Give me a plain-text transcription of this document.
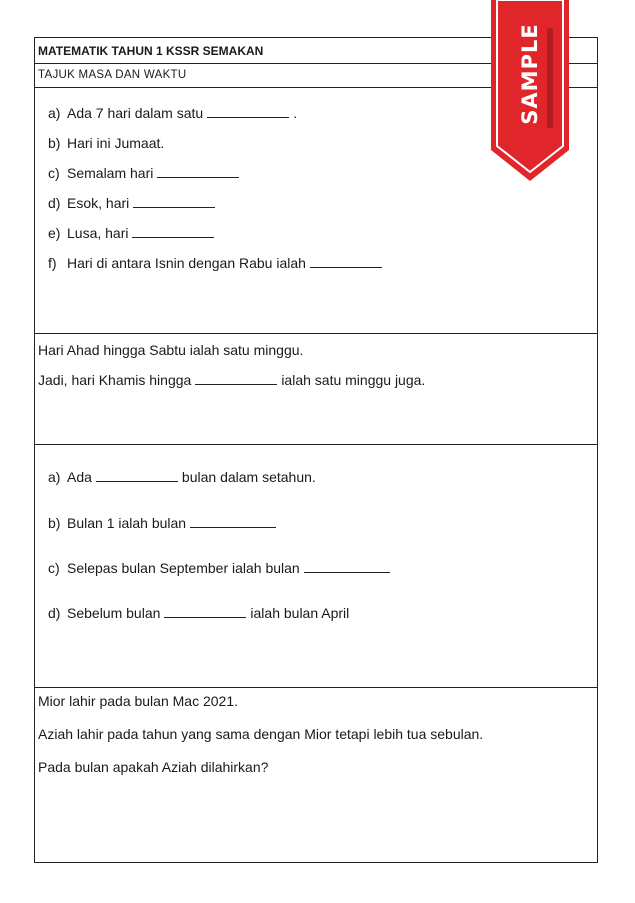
MATEMATIK TAHUN 1 KSSR SEMAKAN
TAJUK MASA DAN WAKTU
a) Ada 7 hari dalam satu	.
b) Hari ini Jumaat.
c) Semalam hari
d) Esok, hari
e) Lusa, hari
f) Hari di antara Isnin dengan Rabu ialah
Hari Ahad hingga Sabtu ialah satu minggu.
Jadi, hari Khamis hingga	ialah satu minggu juga.
a) Ada	bulan dalam setahun.
b) Bulan 1 ialah bulan
c) Selepas bulan September ialah bulan
d) Sebelum bulan	ialah bulan April
Mior lahir pada bulan Mac 2021.
Aziah lahir pada tahun yang sama dengan Mior tetapi lebih tua sebulan.
Pada bulan apakah Aziah dilahirkan?
SAMPLE
